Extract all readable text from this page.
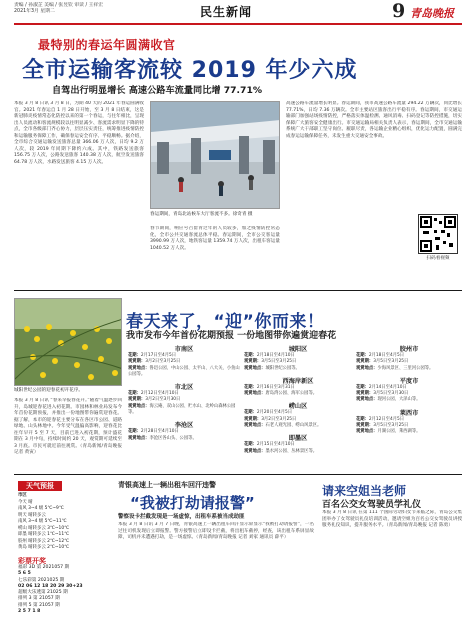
责编 / 孙淑芷 美编 / 张昱钦 审读 / 王祥宏
2021年3月 星期二	民生新闻	9 青岛晚报
最特别的春运年圆满收官
全市运输客流较 2019 年少六成
自驾出行明显增长 高速公路车流量同比增 77.71%
本报 3 月 8 日讯 3 月 8 日，为期 40 天的 2021 年春运圆满收官。2021 年春运自 1 月 28 日开始，至 3 月 8 日结束，这是新冠肺炎疫情常态化防控以来的第一个春运，与往年相比，呈现出人员流动和客流规模较以往明显减少、客流需求明显下降的特点，全市各级部门齐心协力，层层压实责任，统筹推进疫情防控和运输服务保障工作，确保春运安全有序、平稳顺畅。据介绍，全市综合交通运输发送旅客总量 366.06 万人次，日均 9.2 万人次，较 2019 年同期下降约六成。其中，铁路发送旅客 156.75 万人次，公路发送旅客 140.38 万人次，航空发送旅客 64.78 万人次，水路发送旅客 4.15 万人次。
春运期间，青岛北站候车大厅客流不多。徐奇青 摄
春节期间，响应号召留青过年的人员较多，加之疫情防控常态化，全市公共交通客流总体平稳。春运期间，全市公交客运量 3990.99 万人次，地铁客运量 1359.74 万人次，出租车客运量 1040.52 万人次。
高速公路车流量增长明显。春运期间，我市高速公路车流量 294.22 万辆次，同比增长 77.71%，日均 7.36 万辆次。全市主要站区旅客出行平稳有序。春运期间，市交通运输部门加强站场疫情防控，严格落实体温检测、通风消毒、扫码登记等防控措施，切实保障广大旅客安全健康出行。市交通运输局相关负责人表示，春运期间，全市交通运输系统广大干部职工坚守岗位、履职尽责，各运输企业精心组织，优化运力配置，圆满完成春运运输保障任务，未发生重大交通安全事故。
扫码看视频
城阳世纪公园的迎春花初开花序。
春天来了，“迎”你而来！
我市发布今年首份花期预报 一份地图带你遍赏迎春花
本报 3 月 8 日讯 “春来早报春花开。”随着气温逐步回升，岛城迎春花进入初花期。市园林和林业局发布今年首份花期预报，并推出一份地图带你遍赏迎春花。据了解，本市的迎春花主要分布在各区市公园、道路绿地、山头林地中。今年受气温偏高影响，迎春花比往年早开 5 至 7 天，目前已进入初花期，预计盛花期在 3 月中旬，持续时间约 20 天，观赏期可延续至 3 月底。市民可就近前往观赏。（青岛新闻/青岛晚报 记者 黄寅）
市南区
花期：2月17日至4月5日
观赏期：3月2日至3月25日
观赏地点：鲁迅公园、中山公园、太平山、八大关、小鱼山公园等。
市北区
花期：2月12日至4月10日
观赏期：3月2日至3月30日
观赏地点：海云庵、双山公园、贮水山、北岭山森林公园等。
李沧区
花期：2月28日至4月10日
观赏地点：李沧区各山头、公园等。
城阳区
花期：2月18日至4月10日
观赏期：3月5日至3月25日
观赏地点：城阳世纪公园等。
西海岸新区
花期：2月16日至3月31日
观赏地点：唐岛湾公园、海军公园等。
崂山区
花期：2月20日至4月5日
观赏期：3月2日至3月25日
观赏地点：石老人观光园、崂山风景区。
即墨区
花期：2月15日至4月10日
观赏地点：墨水河公园、丛林景区等。
胶州市
花期：2月18日至4月5日
观赏期：3月5日至3月25日
观赏地点：少海风景区、三里河公园等。
平度市
花期：2月14日至4月10日
观赏期：3月5日至3月30日
观赏地点：现河公园、大泽山等。
莱西市
花期：2月12日至4月5日
观赏期：3月5日至3月25日
观赏地点：月湖公园、莱西湖等。
天气预报
市区
今天 晴
南风 3~4 级 5℃~9℃
明天 晴转多云
南风 3~4 级 5℃~11℃
崂山 晴转多云 3℃~10℃
即墨 晴转多云 1℃~11℃
胶州 晴转多云 2℃~12℃
黄岛 晴转多云 2℃~10℃
彩票开奖
福彩 3D 第 2021057 期
5 6 5
七乐彩第 2021025 期
02 06 12 18 20 29 30+23
超级大乐透第 21025 期
排列 3 第 21057 期
排列 5 第 21057 期
2 5 7 1 8
青银高速上一辆出租车回汗违警
“我被打劫请报警”
警察设卡拦截发现是一场虚惊，出租车系被当成劫匪
本报 3 月 8 日讯 3 月 7 日晚，青银高速上一辆出租车回汗显示屏显示“我被打劫请报警”，一名过往司机发现后立即报警。警方接警后立即设卡拦截，将出租车截停，经查，该出租车系屏显故障，司机并未遭遇打劫，是一场虚惊。（青岛新闻/青岛晚报 记者 刘家 通讯员 薛平）
请来空姐当老师
百名公交女驾驶员学礼仪
本报 3 月 8 日讯 在第 111 个国际劳动妇女节来临之际，青岛公交集团举办了女驾驶员礼仪培训活动，邀请空姐为百名公交女驾驶员讲授服务礼仪知识，提升服务水平。（青岛新闻/青岛晚报 记者 陈勇）
